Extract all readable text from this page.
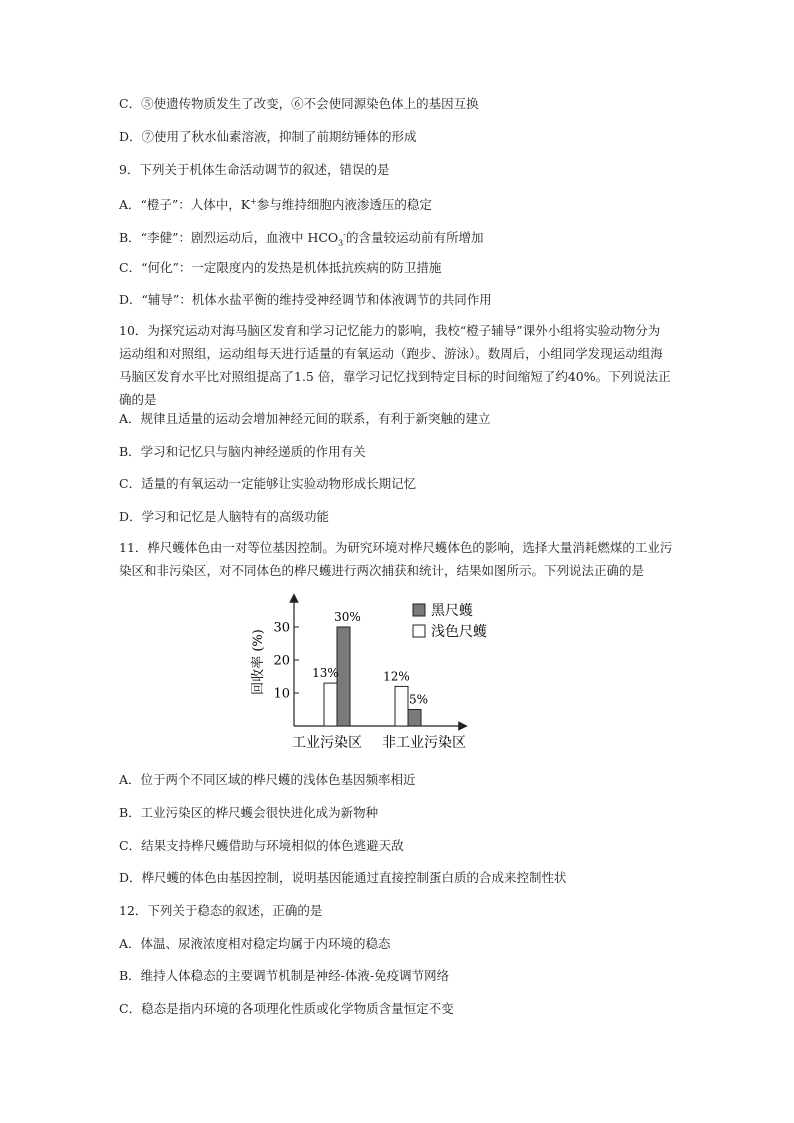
C．⑤使遗传物质发生了改变，⑥不会使同源染色体上的基因互换
D．⑦使用了秋水仙素溶液，抑制了前期纺锤体的形成
9．下列关于机体生命活动调节的叙述，错误的是
A．“橙子”：人体中，K+参与维持细胞内液渗透压的稳定
B．“李健”：剧烈运动后，血液中 $HCO_3^-$的含量较运动前有所增加
C．“何化”：一定限度内的发热是机体抵抗疾病的防卫措施
D．“辅导”：机体水盐平衡的维持受神经调节和体液调节的共同作用
10．为探究运动对海马脑区发育和学习记忆能力的影响，我校“橙子辅导”课外小组将实验动物分为
运动组和对照组，运动组每天进行适量的有氧运动（跑步、游泳）。数周后，小组同学发现运动组海
马脑区发育水平比对照组提高了1.5 倍，靠学习记忆找到特定目标的时间缩短了约40%。下列说法正
确的是
A．规律且适量的运动会增加神经元间的联系，有利于新突触的建立
B．学习和记忆只与脑内神经递质的作用有关
C．适量的有氧运动一定能够让实验动物形成长期记忆
D．学习和记忆是人脑特有的高级功能
11．桦尺蠖体色由一对等位基因控制。为研究环境对桦尺蠖体色的影响，选择大量消耗燃煤的工业污
染区和非污染区，对不同体色的桦尺蠖进行两次捕获和统计，结果如图所示。下列说法正确的是
回收率 (%) 10
20
30
13%
30%
12%
5%
工业污染区 非工业污染区
黑尺蠖
浅色尺蠖
A．位于两个不同区域的桦尺蠖的浅体色基因频率相近
B．工业污染区的桦尺蠖会很快进化成为新物种
C．结果支持桦尺蠖借助与环境相似的体色逃避天敌
D．桦尺蠖的体色由基因控制，说明基因能通过直接控制蛋白质的合成来控制性状
12．下列关于稳态的叙述，正确的是
A．体温、尿液浓度相对稳定均属于内环境的稳态
B．维持人体稳态的主要调节机制是神经-体液-免疫调节网络
C．稳态是指内环境的各项理化性质或化学物质含量恒定不变
